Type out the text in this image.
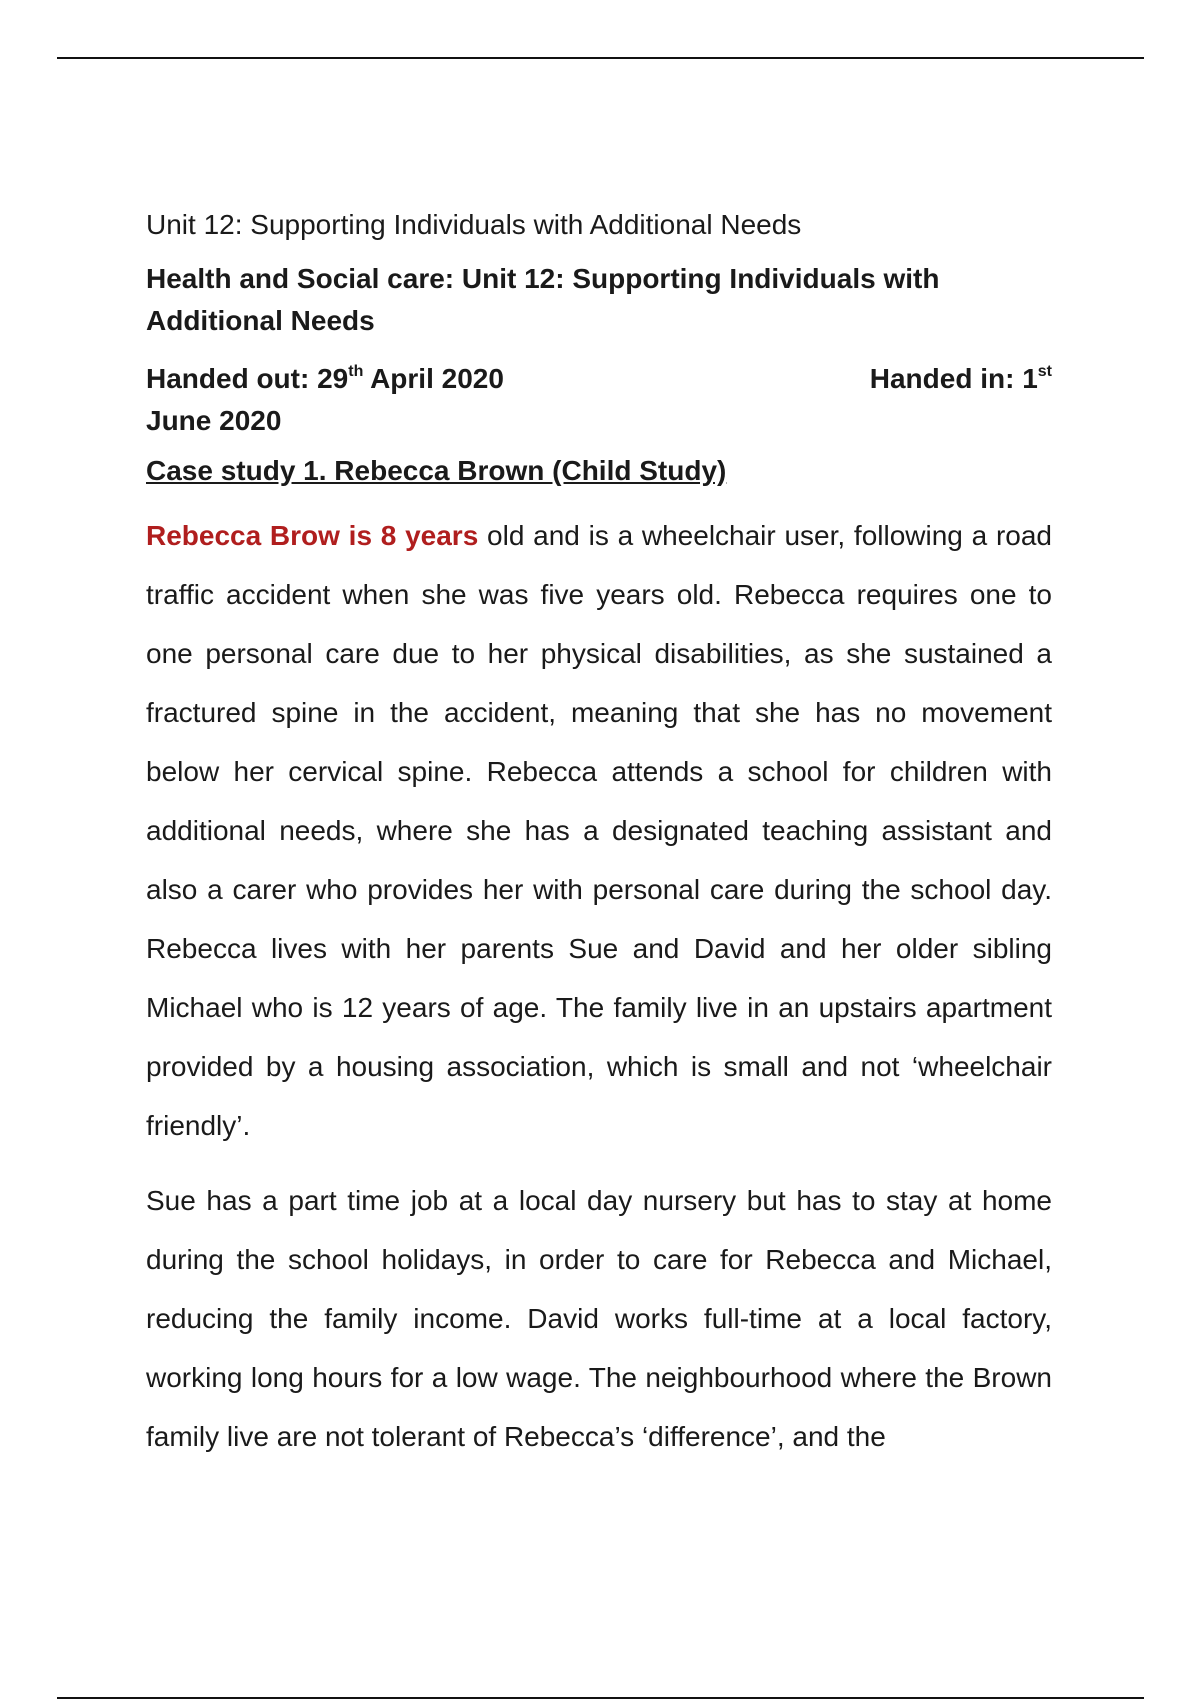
Unit 12: Supporting Individuals with Additional Needs

Health and Social care: Unit 12: Supporting Individuals with Additional Needs

Handed out: 29th April 2020	Handed in: 1st
June 2020

Case study 1. Rebecca Brown (Child Study)

Rebecca Brow is 8 years old and is a wheelchair user, following a road traffic accident when she was five years old. Rebecca requires one to one personal care due to her physical disabilities, as she sustained a fractured spine in the accident, meaning that she has no movement below her cervical spine. Rebecca attends a school for children with additional needs, where she has a designated teaching assistant and also a carer who provides her with personal care during the school day. Rebecca lives with her parents Sue and David and her older sibling Michael who is 12 years of age. The family live in an upstairs apartment provided by a housing association, which is small and not ‘wheelchair friendly’.

Sue has a part time job at a local day nursery but has to stay at home during the school holidays, in order to care for Rebecca and Michael, reducing the family income. David works full-time at a local factory, working long hours for a low wage. The neighbourhood where the Brown family live are not tolerant of Rebecca’s ‘difference’, and the
